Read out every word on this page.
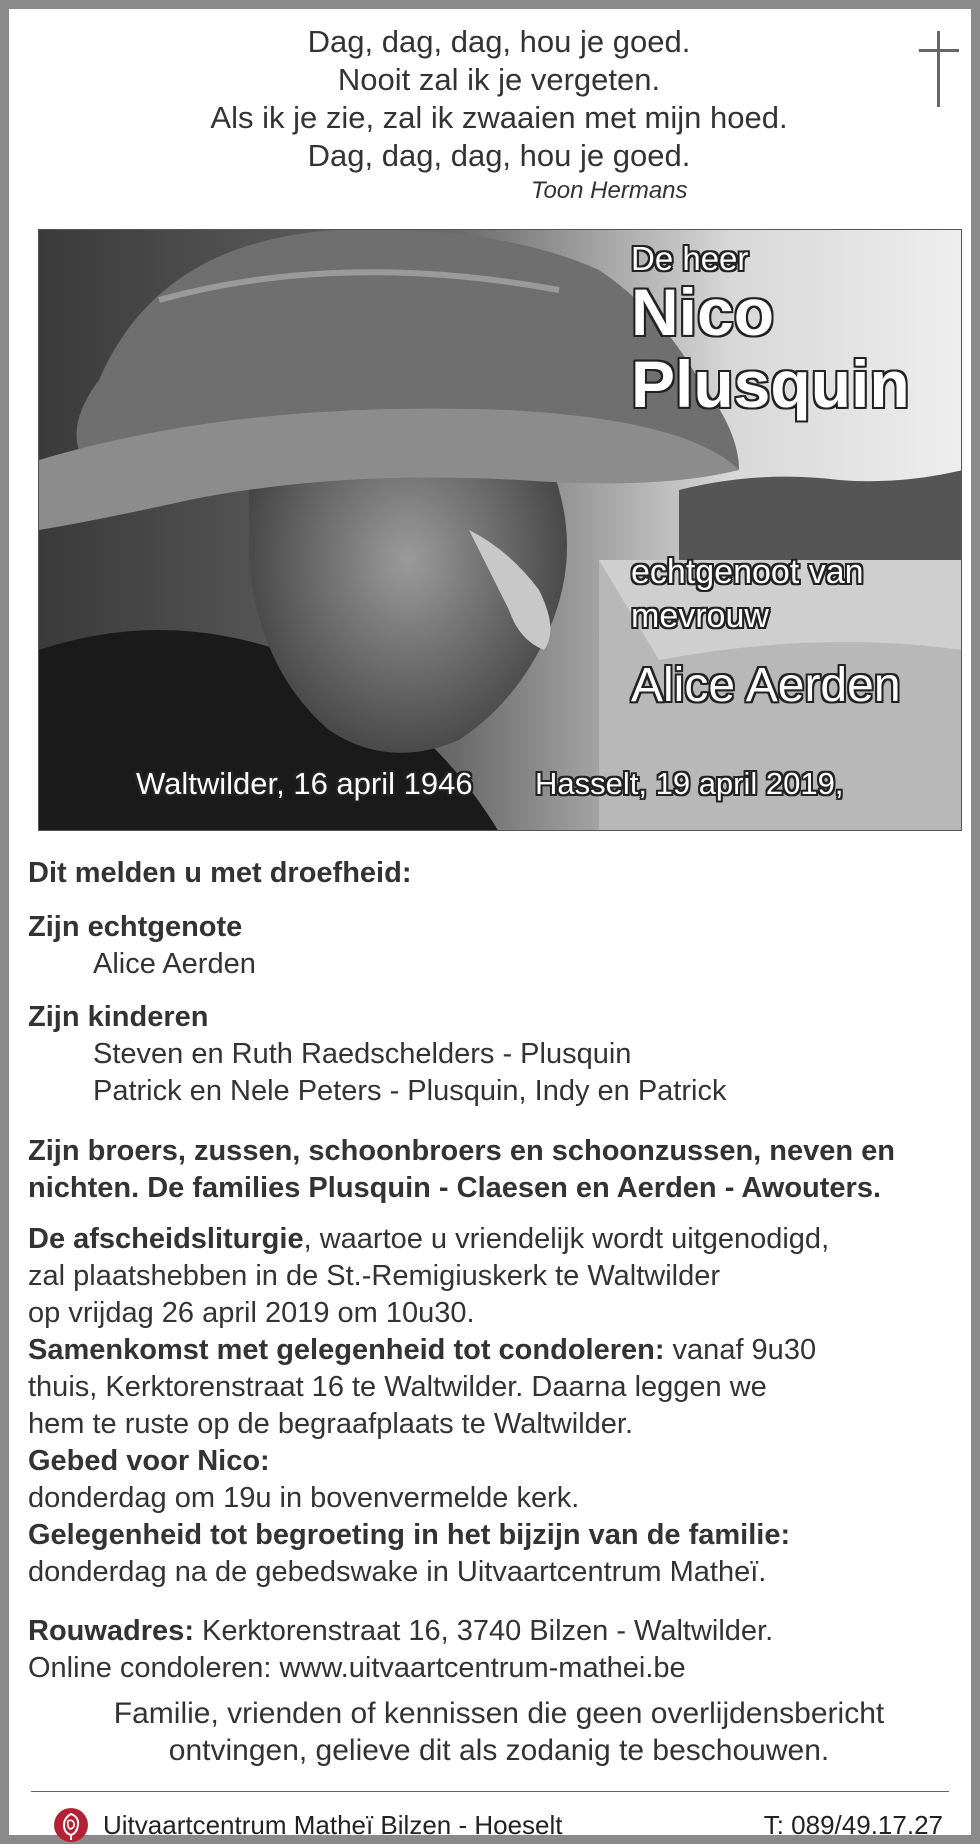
Dag, dag, dag, hou je goed.
Nooit zal ik je vergeten.
Als ik je zie, zal ik zwaaien met mijn hoed.
Dag, dag, dag, hou je goed.
Toon Hermans
De heer
Nico
Plusquin
echtgenoot van
mevrouw
Alice Aerden
Waltwilder, 16 april 1946 Hasselt, 19 april 2019,

Dit melden u met droefheid:

Zijn echtgenote

Alice Aerden

Zijn kinderen

Steven en Ruth Raedschelders - Plusquin

Patrick en Nele Peters - Plusquin, Indy en Patrick

Zijn broers, zussen, schoonbroers en schoonzussen, neven en

nichten. De families Plusquin - Claesen en Aerden - Awouters.

De afscheidsliturgie, waartoe u vriendelijk wordt uitgenodigd,

zal plaatshebben in de St.-Remigiuskerk te Waltwilder

op vrijdag 26 april 2019 om 10u30.

Samenkomst met gelegenheid tot condoleren: vanaf 9u30

thuis, Kerktorenstraat 16 te Waltwilder. Daarna leggen we

hem te ruste op de begraafplaats te Waltwilder.

Gebed voor Nico:

donderdag om 19u in bovenvermelde kerk.

Gelegenheid tot begroeting in het bijzijn van de familie:

donderdag na de gebedswake in Uitvaartcentrum Matheï.

Rouwadres: Kerktorenstraat 16, 3740 Bilzen - Waltwilder.

Online condoleren: www.uitvaartcentrum-mathei.be

Familie, vrienden of kennissen die geen overlijdensbericht
ontvingen, gelieve dit als zodanig te beschouwen.
Uitvaartcentrum Matheï Bilzen - Hoeselt	T: 089/49.17.27
